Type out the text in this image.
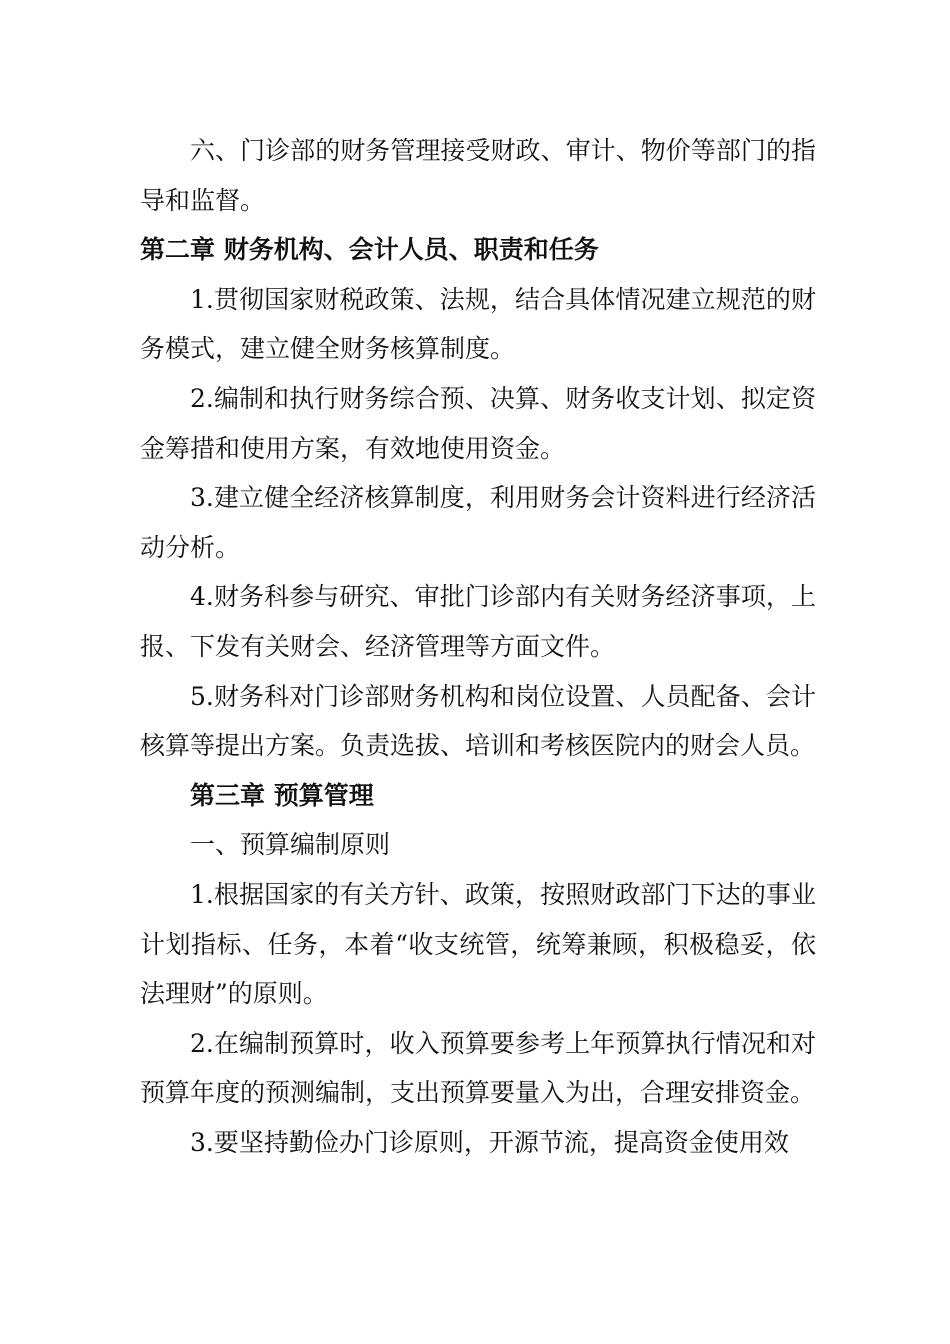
六、门诊部的财务管理接受财政、审计、物价等部门的指导和监督。

第二章 财务机构、会计人员、职责和任务

1.贯彻国家财税政策、法规，结合具体情况建立规范的财务模式，建立健全财务核算制度。

2.编制和执行财务综合预、决算、财务收支计划、拟定资金筹措和使用方案，有效地使用资金。

3.建立健全经济核算制度，利用财务会计资料进行经济活动分析。

4.财务科参与研究、审批门诊部内有关财务经济事项，上报、下发有关财会、经济管理等方面文件。

5.财务科对门诊部财务机构和岗位设置、人员配备、会计核算等提出方案。负责选拔、培训和考核医院内的财会人员。

第三章 预算管理

一、预算编制原则

1.根据国家的有关方针、政策，按照财政部门下达的事业计划指标、任务，本着“收支统管，统筹兼顾，积极稳妥，依法理财”的原则。

2.在编制预算时，收入预算要参考上年预算执行情况和对预算年度的预测编制，支出预算要量入为出，合理安排资金。

3.要坚持勤俭办门诊原则，开源节流，提高资金使用效
